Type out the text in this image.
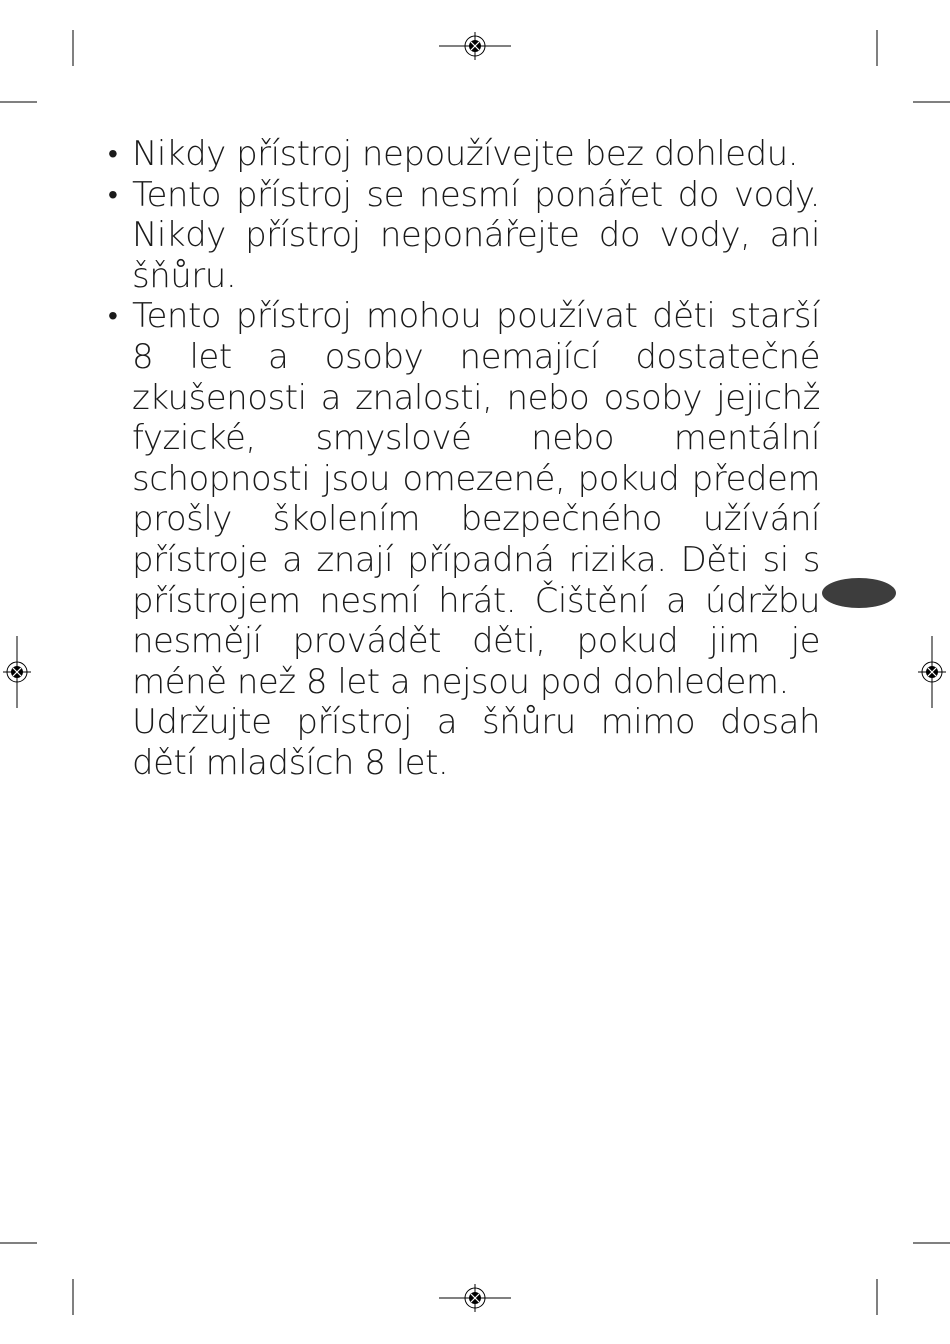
• Nikdy přístroj nepoužívejte bez dohledu.
• Tento přístroj se nesmí ponářet do vody. Nikdy přístroj neponářejte do vody, ani šňůru.
• Tento přístroj mohou používat děti starší 8 let a osoby nemající dostatečné zkušenosti a znalosti, nebo osoby jejichž fyzické, smyslové nebo mentální schopnosti jsou omezené, pokud předem prošly školením bezpečného užívání přístroje a znají případná rizika. Děti si s přístrojem nesmí hrát. Čištění a údržbu nesmějí provádět děti, pokud jim je méně než 8 let a nejsou pod dohledem.
Udržujte přístroj a šňůru mimo dosah dětí mladších 8 let.
